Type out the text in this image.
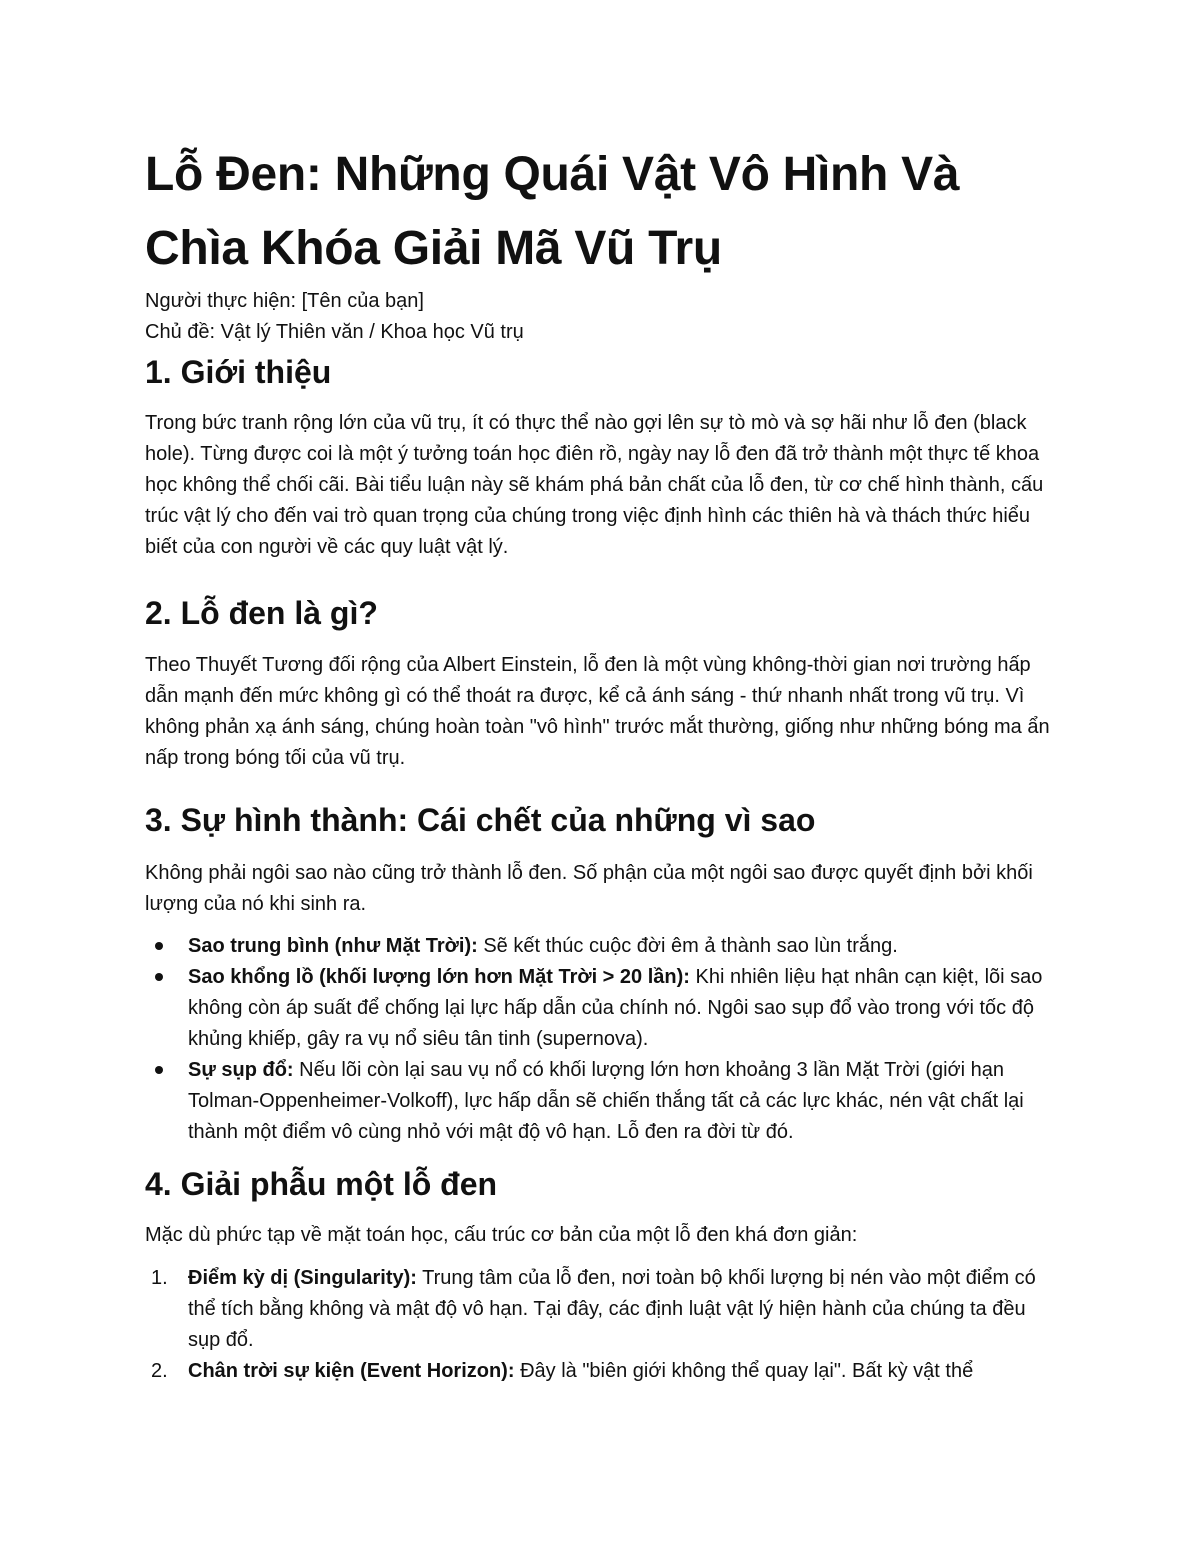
Lỗ Đen: Những Quái Vật Vô Hình Và Chìa Khóa Giải Mã Vũ Trụ
Người thực hiện: [Tên của bạn]
Chủ đề: Vật lý Thiên văn / Khoa học Vũ trụ
1. Giới thiệu

Trong bức tranh rộng lớn của vũ trụ, ít có thực thể nào gợi lên sự tò mò và sợ hãi như lỗ đen (black hole). Từng được coi là một ý tưởng toán học điên rồ, ngày nay lỗ đen đã trở thành một thực tế khoa học không thể chối cãi. Bài tiểu luận này sẽ khám phá bản chất của lỗ đen, từ cơ chế hình thành, cấu trúc vật lý cho đến vai trò quan trọng của chúng trong việc định hình các thiên hà và thách thức hiểu biết của con người về các quy luật vật lý.

2. Lỗ đen là gì?

Theo Thuyết Tương đối rộng của Albert Einstein, lỗ đen là một vùng không-thời gian nơi trường hấp dẫn mạnh đến mức không gì có thể thoát ra được, kể cả ánh sáng - thứ nhanh nhất trong vũ trụ. Vì không phản xạ ánh sáng, chúng hoàn toàn "vô hình" trước mắt thường, giống như những bóng ma ẩn nấp trong bóng tối của vũ trụ.

3. Sự hình thành: Cái chết của những vì sao

Không phải ngôi sao nào cũng trở thành lỗ đen. Số phận của một ngôi sao được quyết định bởi khối lượng của nó khi sinh ra.

Sao trung bình (như Mặt Trời): Sẽ kết thúc cuộc đời êm ả thành sao lùn trắng.
Sao khổng lồ (khối lượng lớn hơn Mặt Trời > 20 lần): Khi nhiên liệu hạt nhân cạn kiệt, lõi sao không còn áp suất để chống lại lực hấp dẫn của chính nó. Ngôi sao sụp đổ vào trong với tốc độ khủng khiếp, gây ra vụ nổ siêu tân tinh (supernova).
Sự sụp đổ: Nếu lõi còn lại sau vụ nổ có khối lượng lớn hơn khoảng 3 lần Mặt Trời (giới hạn Tolman-Oppenheimer-Volkoff), lực hấp dẫn sẽ chiến thắng tất cả các lực khác, nén vật chất lại thành một điểm vô cùng nhỏ với mật độ vô hạn. Lỗ đen ra đời từ đó.
4. Giải phẫu một lỗ đen

Mặc dù phức tạp về mặt toán học, cấu trúc cơ bản của một lỗ đen khá đơn giản:

1. Điểm kỳ dị (Singularity): Trung tâm của lỗ đen, nơi toàn bộ khối lượng bị nén vào một điểm có thể tích bằng không và mật độ vô hạn. Tại đây, các định luật vật lý hiện hành của chúng ta đều sụp đổ.
2. Chân trời sự kiện (Event Horizon): Đây là "biên giới không thể quay lại". Bất kỳ vật thể
